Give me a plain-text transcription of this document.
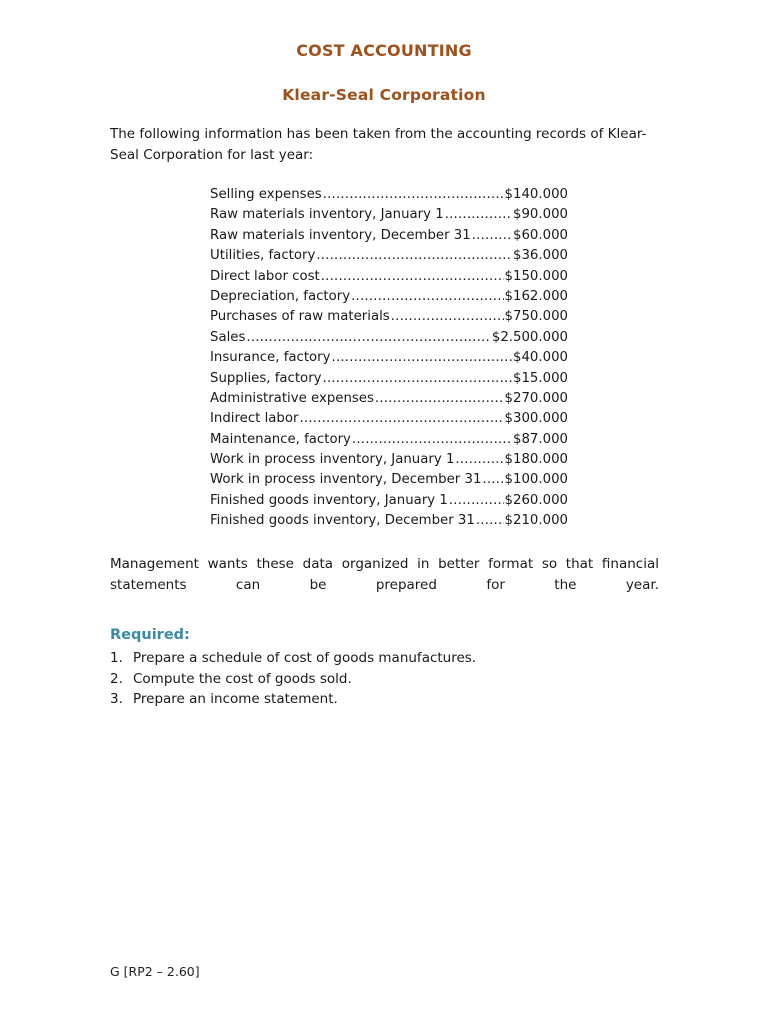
COST ACCOUNTING
Klear-Seal Corporation
The following information has been taken from the accounting records of Klear-Seal Corporation for last year:
Selling expenses .....	$140.000
Raw materials inventory, January 1 .....	$90.000
Raw materials inventory, December 31 .....	$60.000
Utilities, factory .....	$36.000
Direct labor cost .....	$150.000
Depreciation, factory .....	$162.000
Purchases of raw materials .....	$750.000
Sales .....	$2.500.000
Insurance, factory .....	$40.000
Supplies, factory .....	$15.000
Administrative expenses .....	$270.000
Indirect labor .....	$300.000
Maintenance, factory .....	$87.000
Work in process inventory, January 1 .....	$180.000
Work in process inventory, December 31 ..... $100.000
Finished goods inventory, January 1 .....	$260.000
Finished goods inventory, December 31 ..... $210.000
Management wants these data organized in better format so that financial statements can be prepared for the year.
Required:
1. Prepare a schedule of cost of goods manufactures.
2. Compute the cost of goods sold.
3. Prepare an income statement.
G [RP2 – 2.60]
